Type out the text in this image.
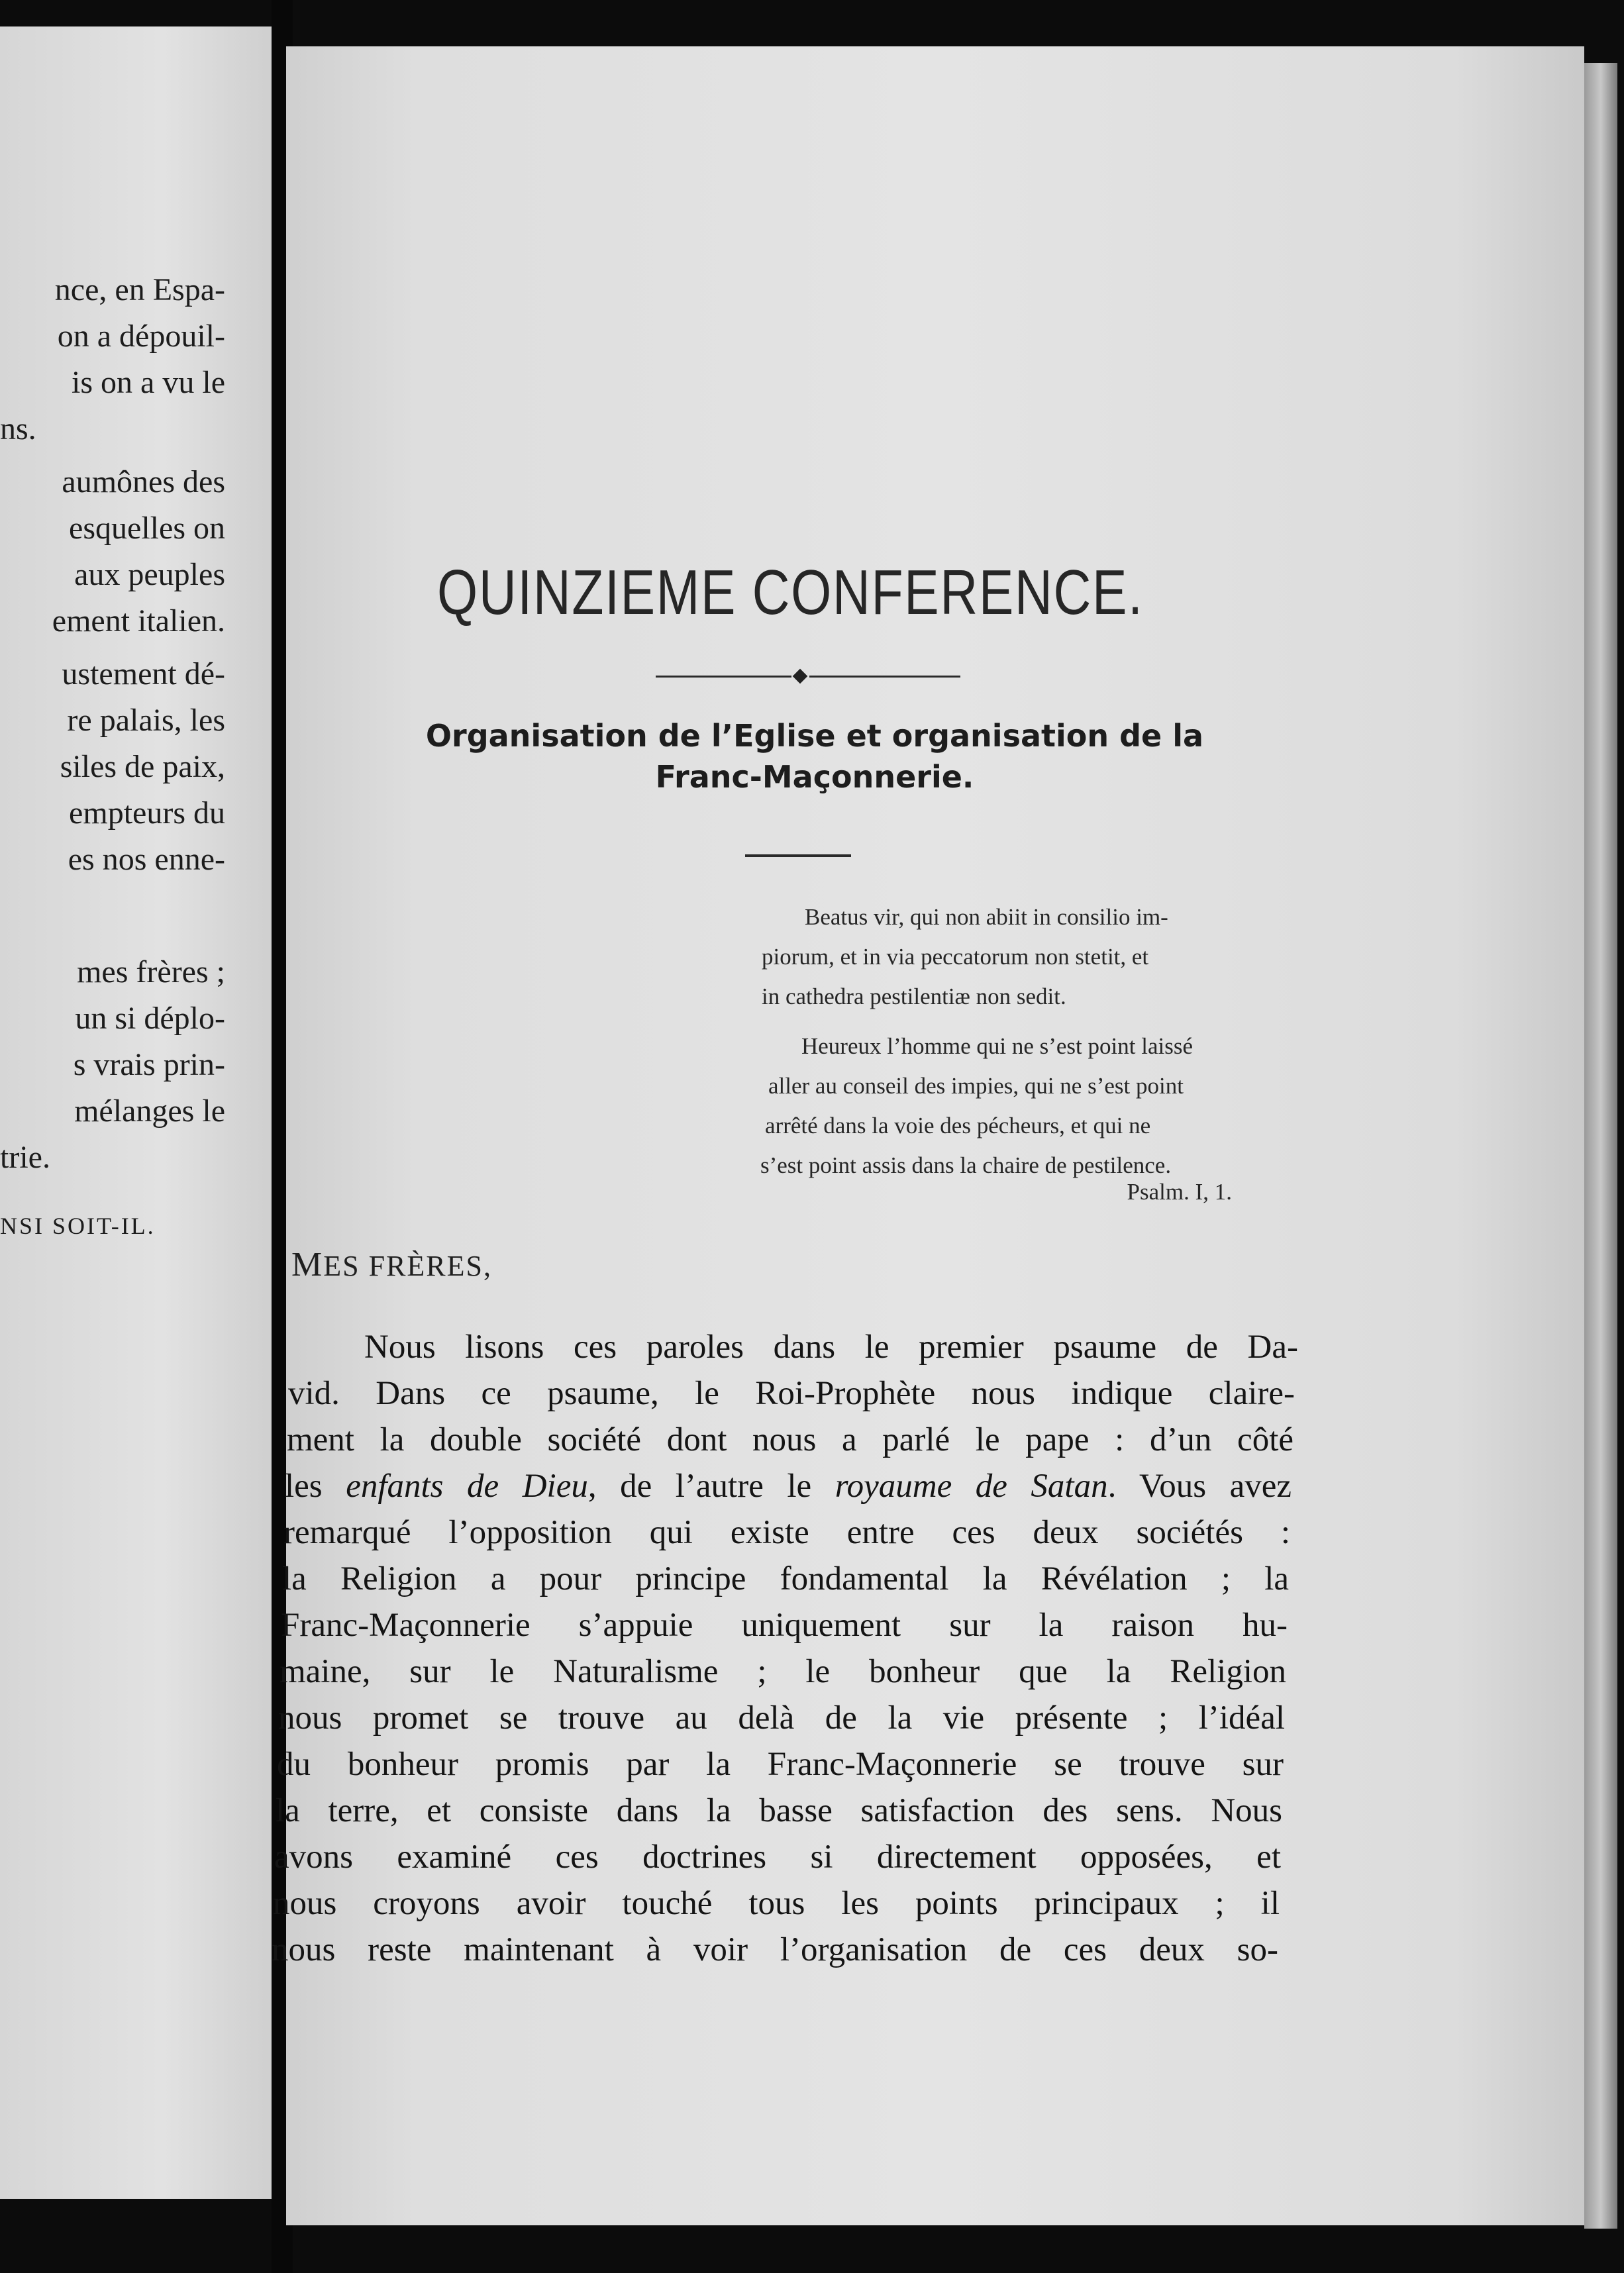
nce, en Espa-
on a dépouil-
is on a vu le
ns.
aumônes des
esquelles on
aux peuples
ement italien.
ustement dé-
re palais, les
siles de paix,
empteurs du
es nos enne-
mes frères ;
un si déplo-
s vrais prin-
mélanges le
trie.
NSI SOIT-IL.
QUINZIEME CONFERENCE.
Organisation de l’Eglise et organisation de la
Franc-Maçonnerie.
Beatus vir, qui non abiit in consilio im-
piorum, et in via peccatorum non stetit, et
in cathedra pestilentiæ non sedit.
Heureux l’homme qui ne s’est point laissé
aller au conseil des impies, qui ne s’est point
arrêté dans la voie des pécheurs, et qui ne
s’est point assis dans la chaire de pestilence.
Psalm. I, 1.
MES FRÈRES,
Nous lisons ces paroles dans le premier psaume de Da-
vid. Dans ce psaume, le Roi-Prophète nous indique claire-
ment la double société dont nous a parlé le pape : d’un côté
les enfants de Dieu, de l’autre le royaume de Satan. Vous avez
remarqué l’opposition qui existe entre ces deux sociétés :
la Religion a pour principe fondamental la Révélation ; la
Franc-Maçonnerie s’appuie uniquement sur la raison hu-
maine, sur le Naturalisme ; le bonheur que la Religion
nous promet se trouve au delà de la vie présente ; l’idéal
du bonheur promis par la Franc-Maçonnerie se trouve sur
la terre, et consiste dans la basse satisfaction des sens. Nous
avons examiné ces doctrines si directement opposées, et
nous croyons avoir touché tous les points principaux ; il
nous reste maintenant à voir l’organisation de ces deux so-
